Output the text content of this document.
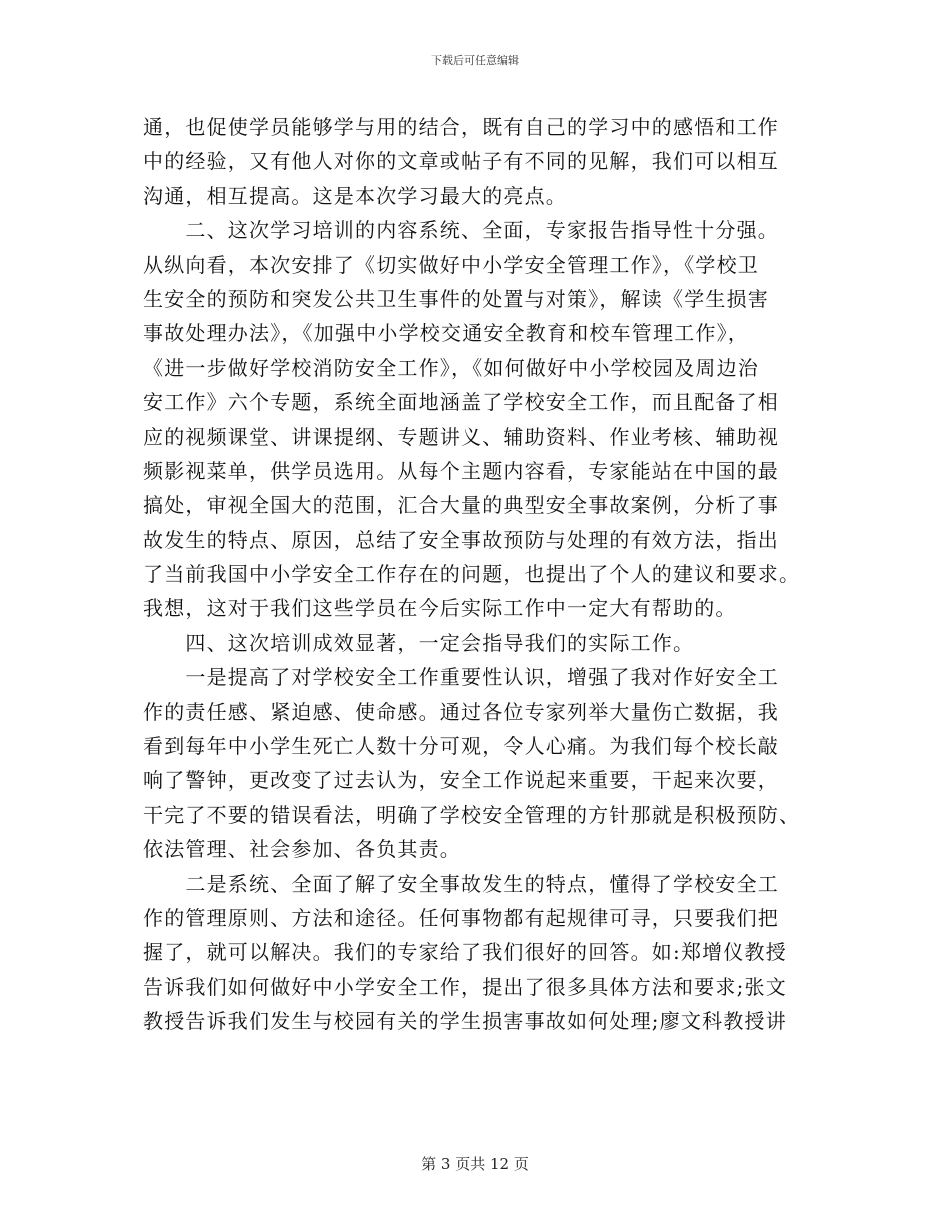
下载后可任意编辑
通，也促使学员能够学与用的结合，既有自己的学习中的感悟和工作
中的经验，又有他人对你的文章或帖子有不同的见解，我们可以相互
沟通，相互提高。这是本次学习最大的亮点。
　　二、这次学习培训的内容系统、全面，专家报告指导性十分强。
从纵向看，本次安排了《切实做好中小学安全管理工作》，《学校卫
生安全的预防和突发公共卫生事件的处置与对策》，解读《学生损害
事故处理办法》，《加强中小学校交通安全教育和校车管理工作》，
《进一步做好学校消防安全工作》，《如何做好中小学校园及周边治
安工作》六个专题，系统全面地涵盖了学校安全工作，而且配备了相
应的视频课堂、讲课提纲、专题讲义、辅助资料、作业考核、辅助视
频影视菜单，供学员选用。从每个主题内容看，专家能站在中国的最
搞处，审视全国大的范围，汇合大量的典型安全事故案例，分析了事
故发生的特点、原因，总结了安全事故预防与处理的有效方法，指出
了当前我国中小学安全工作存在的问题，也提出了个人的建议和要求。
我想，这对于我们这些学员在今后实际工作中一定大有帮助的。
　　四、这次培训成效显著，一定会指导我们的实际工作。
　　一是提高了对学校安全工作重要性认识，增强了我对作好安全工
作的责任感、紧迫感、使命感。通过各位专家列举大量伤亡数据，我
看到每年中小学生死亡人数十分可观，令人心痛。为我们每个校长敲
响了警钟，更改变了过去认为，安全工作说起来重要，干起来次要，
干完了不要的错误看法，明确了学校安全管理的方针那就是积极预防、
依法管理、社会参加、各负其责。
　　二是系统、全面了解了安全事故发生的特点，懂得了学校安全工
作的管理原则、方法和途径。任何事物都有起规律可寻，只要我们把
握了，就可以解决。我们的专家给了我们很好的回答。如:郑增仪教授
告诉我们如何做好中小学安全工作，提出了很多具体方法和要求;张文
教授告诉我们发生与校园有关的学生损害事故如何处理;廖文科教授讲
第 3 页共 12 页
